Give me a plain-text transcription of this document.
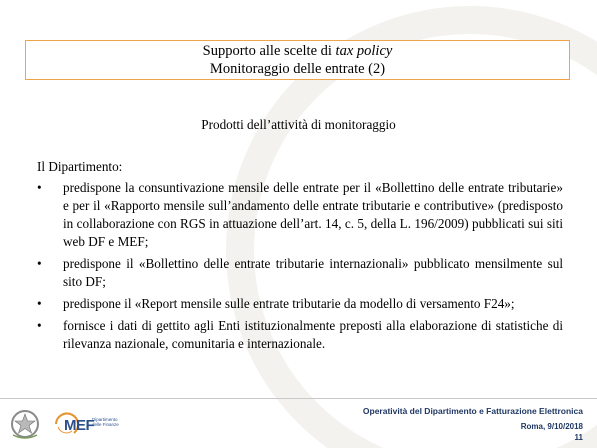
Supporto alle scelte di tax policy
Monitoraggio delle entrate (2)
Prodotti dell’attività di monitoraggio
Il Dipartimento:
• predispone la consuntivazione mensile delle entrate per il «Bollettino delle entrate tributarie» e per il «Rapporto mensile sull’andamento delle entrate tributarie e contributive» (predisposto in collaborazione con RGS in attuazione dell’art. 14, c. 5, della L. 196/2009) pubblicati sui siti web DF e MEF;
• predispone il «Bollettino delle entrate tributarie internazionali» pubblicato mensilmente sul sito DF;
• predispone il «Report mensile sulle entrate tributarie da modello di versamento F24»;
• fornisce i dati di gettito agli Enti istituzionalmente preposti alla elaborazione di statistiche di rilevanza nazionale, comunitaria e internazionale.
MEF
Dipartimento delle Finanze
Operatività del Dipartimento e Fatturazione Elettronica
Roma, 9/10/2018
11
